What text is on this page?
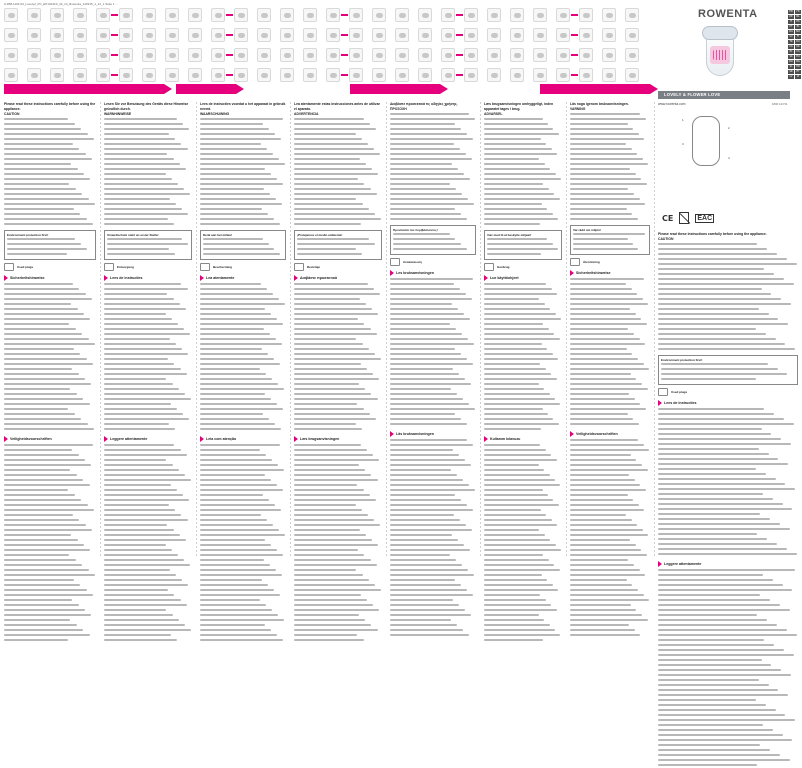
0-1B8-1104-03_Lovely2_PC_EP1024F0_32_14_Rowenta_1d0315_1_12_1 Seite 1 ...
ROWENTA
LOVELY & FLOWER LOVE
EN	FR
DE	NL
IT	ES
PT	EL
DA	NO
SV	FI
TR	RU
UK	KK
PL	CS
SK	HU
RO	BG
SL	HR
SR	ET
LV	LT
www.rowenta.com	1800 123 51
1
2
3
4
CE	EAC
Please read these instructions carefully before using the appliance.
CAUTION
Environment protection first!
Used plugs
Sicherheitshinweise
Veiligheidsvoorschriften
Lesen Sie vor Benutzung des Geräts diese Hinweise gründlich durch.
WARNHINWEISE
Umweltschutz steht an erster Stelle!
Entsorgung
Lees de instructies
Leggere attentamente
Lees de instructies voordat u het apparaat in gebruik neemt.
WAARSCHUWING
Denk aan het milieu!
Bescherming
Lea atentamente
Leia com atenção
Lea atentamente estas instrucciones antes de utilizar el aparato.
ADVERTENCIA
¡Protejamos el medio ambiente!
Reciclaje
Διαβάστε προσεκτικά
Læs brugsanvisningen
Διαβάστε προσεκτικά τις οδηγίες χρήσης.
ΠΡΟΣΟΧΗ
Προστασία του περιβάλλοντος!
Ανακύκλωση
Les bruksanvisningen
Läs bruksanvisningen
Læs brugsanvisningen omhyggeligt, inden apparatet tages i brug.
ADVARSEL
Vær med til at beskytte miljøet!
Genbrug
Lue käyttöohjeet
Kullanım kılavuzu
Läs noga igenom bruksanvisningen.
VARNING
Var rädd om miljön!
Återvinning
Sicherheitshinweise
Veiligheidsvoorschriften
Please read these instructions carefully before using the appliance.
CAUTION
Environment protection first!
Used plugs
Lees de instructies
Leggere attentamente
